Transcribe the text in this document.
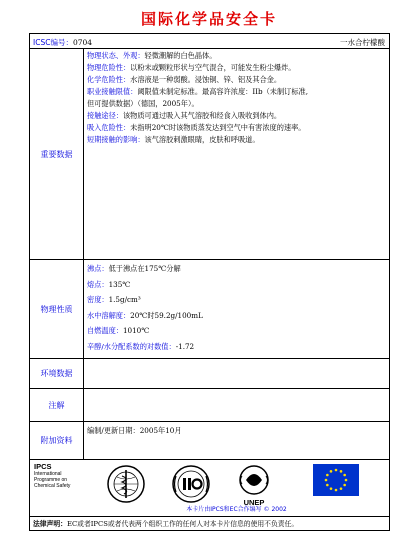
国际化学品安全卡
ICSC编号：0704	一水合柠檬酸
重要数据
物理状态、外观：轻微潮解的白色晶体。
物理危险性：以粉末或颗粒形状与空气混合，可能发生粉尘爆炸。
化学危险性：水溶液是一种弱酸。浸蚀铜、锌、铝及其合金。
职业接触限值：阈限值未制定标准。最高容许浓度：IIb（未制订标准,
但可提供数据）（德国，2005年）。
接触途径：该物质可通过吸入其气溶胶和经食入吸收到体内。
吸入危险性：未指明20℃时该物质蒸发达到空气中有害浓度的速率。
短期接触的影响：该气溶胶刺激眼睛，皮肤和呼吸道。
物理性质
沸点：低于沸点在175℃分解
熔点：135℃
密度：1.5g/cm³
水中溶解度：20℃时59.2g/100mL
自燃温度：1010℃
辛醇/水分配系数的对数值：-1.72
环境数据
注解
附加资料
编制/更新日期：2005年10月
IPCS
International
Programme on
Chemical Safety
UNEP
本卡片由IPCS和EC合作编写 © 2002
法律声明：EC或者IPCS或者代表两个组织工作的任何人对本卡片信息的使用不负责任。
